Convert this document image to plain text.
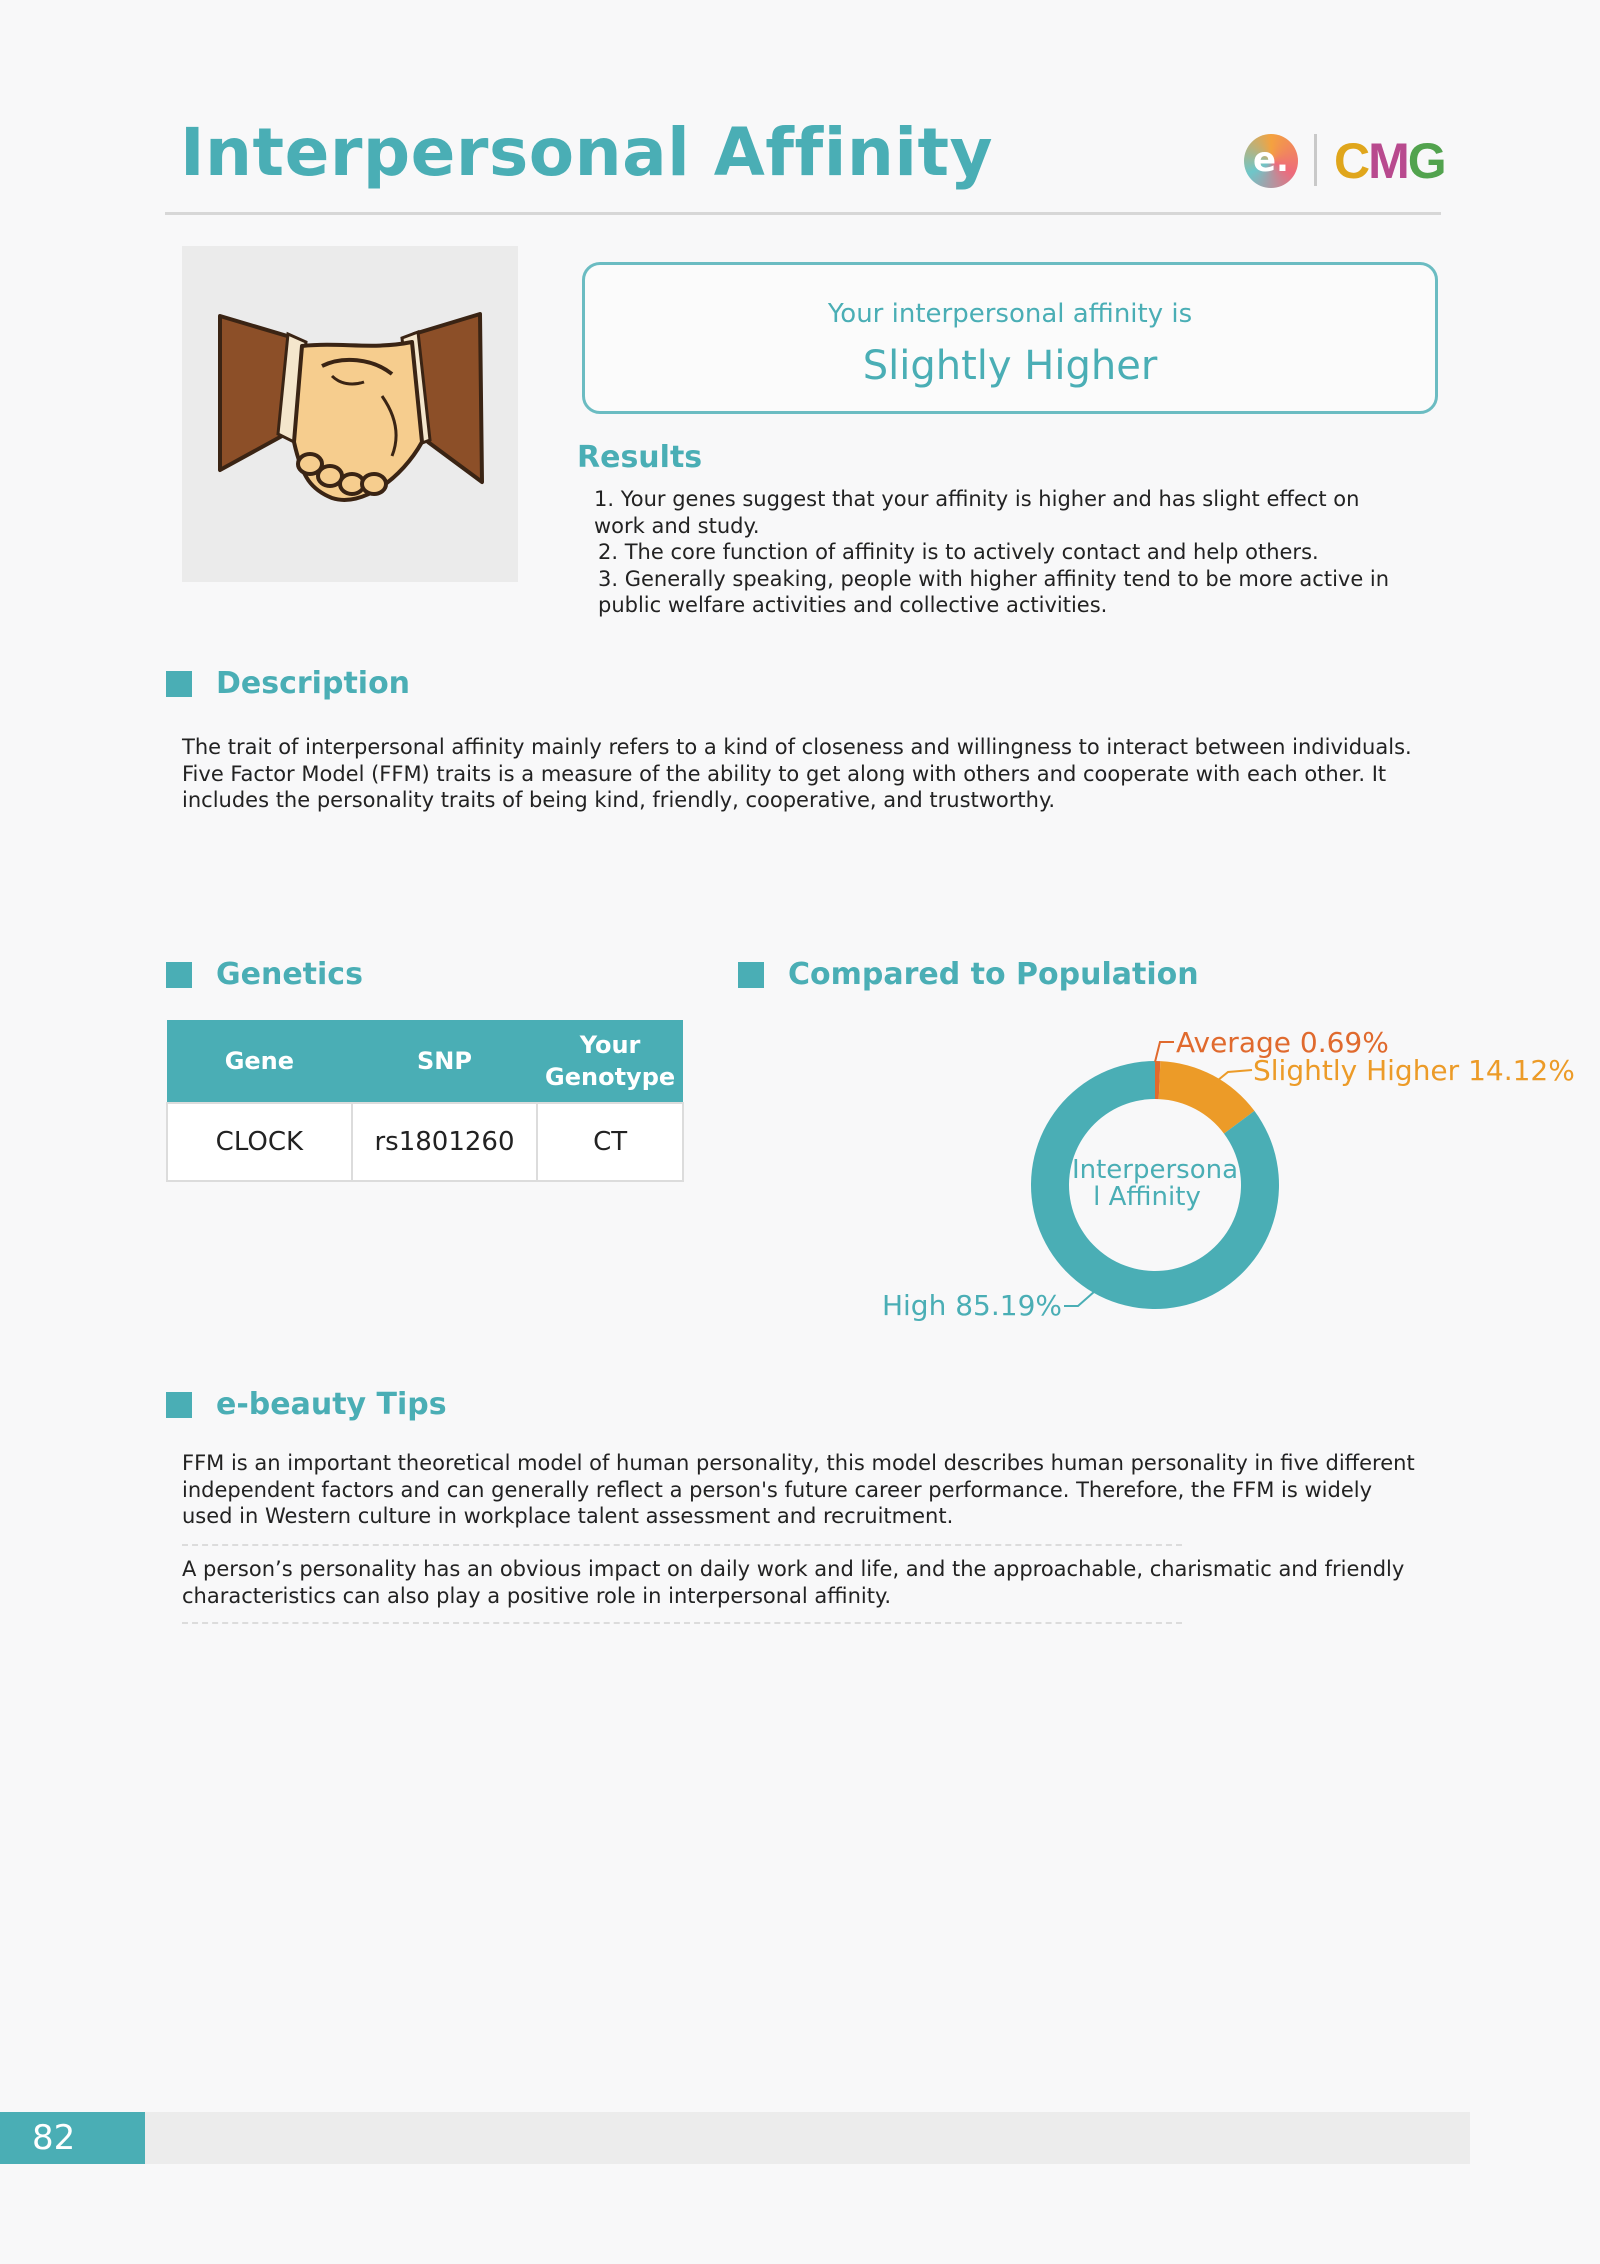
Interpersonal Affinity	e. CMG
Your interpersonal affinity is
Slightly Higher
Results
1. Your genes suggest that your affinity is higher and has slight effect on work and study.
2. The core function of affinity is to actively contact and help others.
3. Generally speaking, people with higher affinity tend to be more active in public welfare activities and collective activities.
Description
The trait of interpersonal affinity mainly refers to a kind of closeness and willingness to interact between individuals. Five Factor Model (FFM) traits is a measure of the ability to get along with others and cooperate with each other. It includes the personality traits of being kind, friendly, cooperative, and trustworthy.
Genetics
Gene	SNP	Your Genotype
CLOCK	rs1801260	CT
Compared to Population
Interpersona
l Affinity
Average 0.69%
Slightly Higher 14.12%
High 85.19%
e-beauty Tips
FFM is an important theoretical model of human personality, this model describes human personality in five different independent factors and can generally reflect a person's future career performance. Therefore, the FFM is widely used in Western culture in workplace talent assessment and recruitment.
A person’s personality has an obvious impact on daily work and life, and the approachable, charismatic and friendly characteristics can also play a positive role in interpersonal affinity.
82
